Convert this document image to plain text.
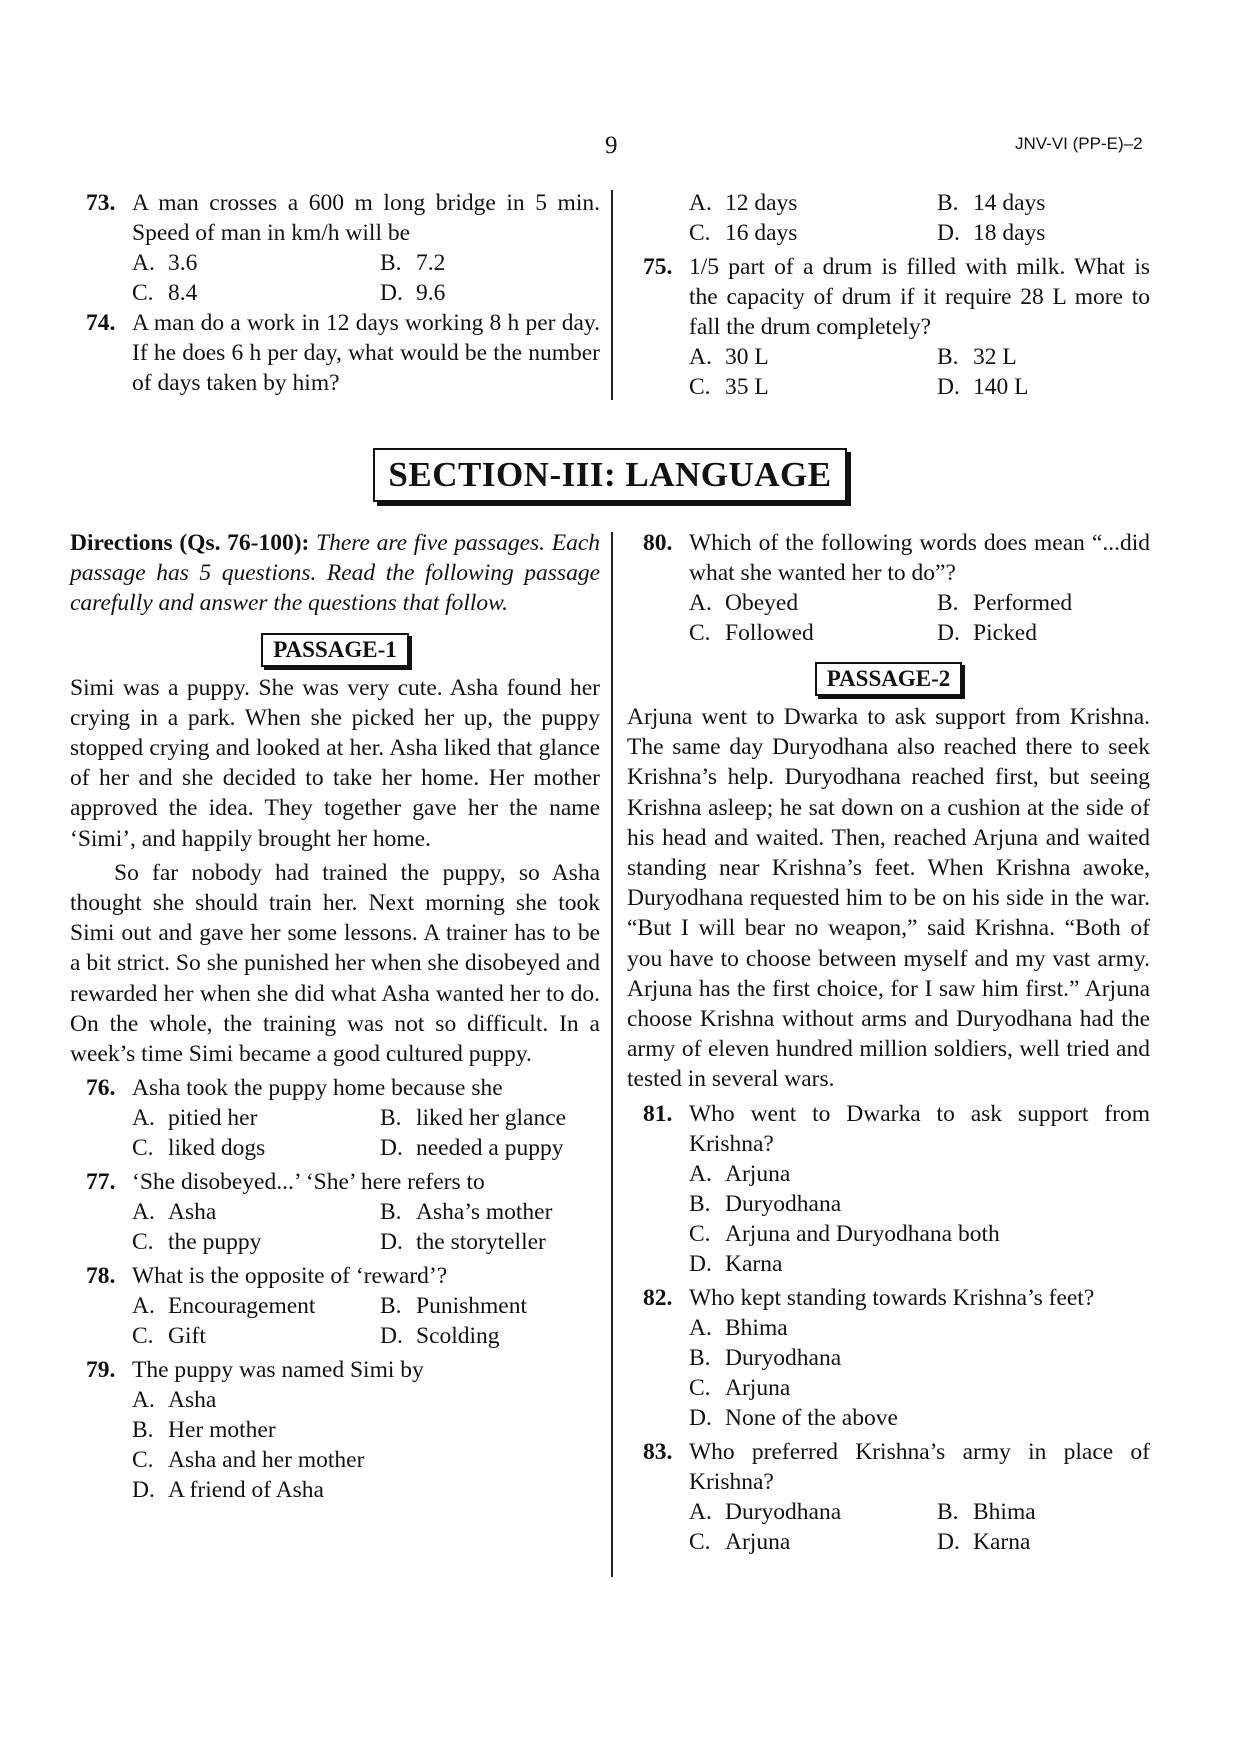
9	JNV-VI (PP-E)–2
73. A man crosses a 600 m long bridge in 5 min. Speed of man in km/h will be
A. 3.6	B. 7.2
C. 8.4	D. 9.6
74. A man do a work in 12 days working 8 h per day. If he does 6 h per day, what would be the number of days taken by him?
A. 12 days	B. 14 days
C. 16 days	D. 18 days
75. 1/5 part of a drum is filled with milk. What is the capacity of drum if it require 28 L more to fall the drum completely?
A. 30 L	B. 32 L
C. 35 L	D. 140 L
SECTION-III: LANGUAGE
Directions (Qs. 76-100): There are five passages. Each passage has 5 questions. Read the following passage carefully and answer the questions that follow.
PASSAGE-1
Simi was a puppy. She was very cute. Asha found her crying in a park. When she picked her up, the puppy stopped crying and looked at her. Asha liked that glance of her and she decided to take her home. Her mother approved the idea. They together gave her the name ‘Simi’, and happily brought her home.
So far nobody had trained the puppy, so Asha thought she should train her. Next morning she took Simi out and gave her some lessons. A trainer has to be a bit strict. So she punished her when she disobeyed and rewarded her when she did what Asha wanted her to do. On the whole, the training was not so difficult. In a week’s time Simi became a good cultured puppy.
76. Asha took the puppy home because she
A. pitied her	B. liked her glance
C. liked dogs	D. needed a puppy
77. ‘She disobeyed...’ ‘She’ here refers to
A. Asha	B. Asha’s mother
C. the puppy	D. the storyteller
78. What is the opposite of ‘reward’?
A. Encouragement	B. Punishment
C. Gift	D. Scolding
79. The puppy was named Simi by
A. Asha
B. Her mother
C. Asha and her mother
D. A friend of Asha
80. Which of the following words does mean “...did what she wanted her to do”?
A. Obeyed	B. Performed
C. Followed	D. Picked
PASSAGE-2
Arjuna went to Dwarka to ask support from Krishna. The same day Duryodhana also reached there to seek Krishna’s help. Duryodhana reached first, but seeing Krishna asleep; he sat down on a cushion at the side of his head and waited. Then, reached Arjuna and waited standing near Krishna’s feet. When Krishna awoke, Duryodhana requested him to be on his side in the war. “But I will bear no weapon,” said Krishna. “Both of you have to choose between myself and my vast army. Arjuna has the first choice, for I saw him first.” Arjuna choose Krishna without arms and Duryodhana had the army of eleven hundred million soldiers, well tried and tested in several wars.
81. Who went to Dwarka to ask support from Krishna?
A. Arjuna
B. Duryodhana
C. Arjuna and Duryodhana both
D. Karna
82. Who kept standing towards Krishna’s feet?
A. Bhima
B. Duryodhana
C. Arjuna
D. None of the above
83. Who preferred Krishna’s army in place of Krishna?
A. Duryodhana	B. Bhima
C. Arjuna	D. Karna
